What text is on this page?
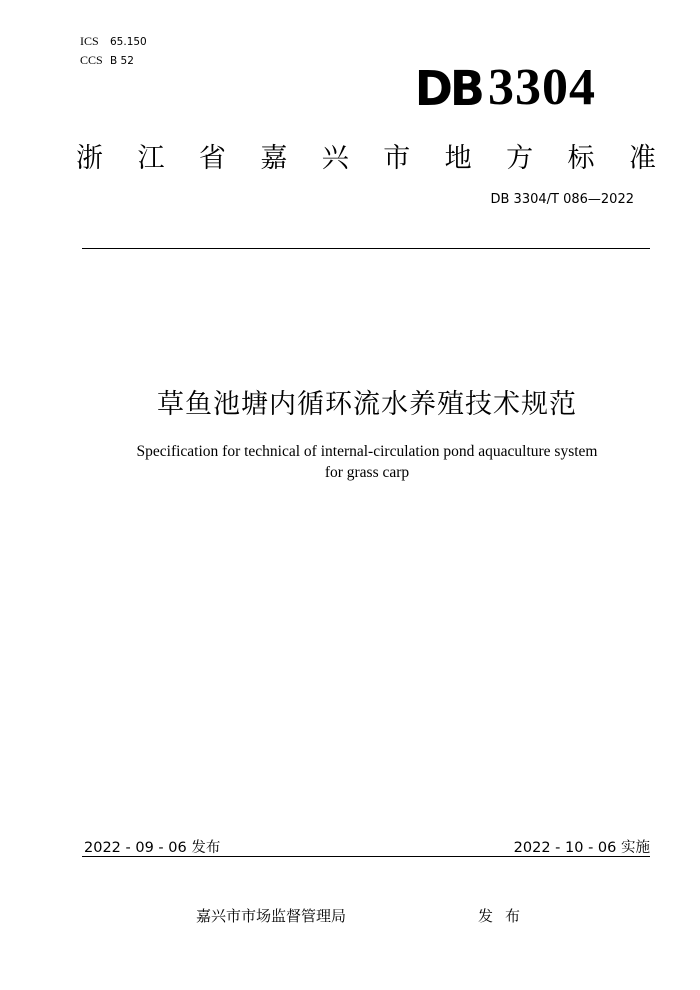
ICS 65.150
CCS B 52	DB 3304
浙 江 省 嘉 兴 市 地 方 标 准
DB 3304/T 086—2022
草鱼池塘内循环流水养殖技术规范
Specification for technical of internal-circulation pond aquaculture system
for grass carp
2022 - 09 - 06 发布	2022 - 10 - 06 实施
嘉兴市市场监督管理局	发布
